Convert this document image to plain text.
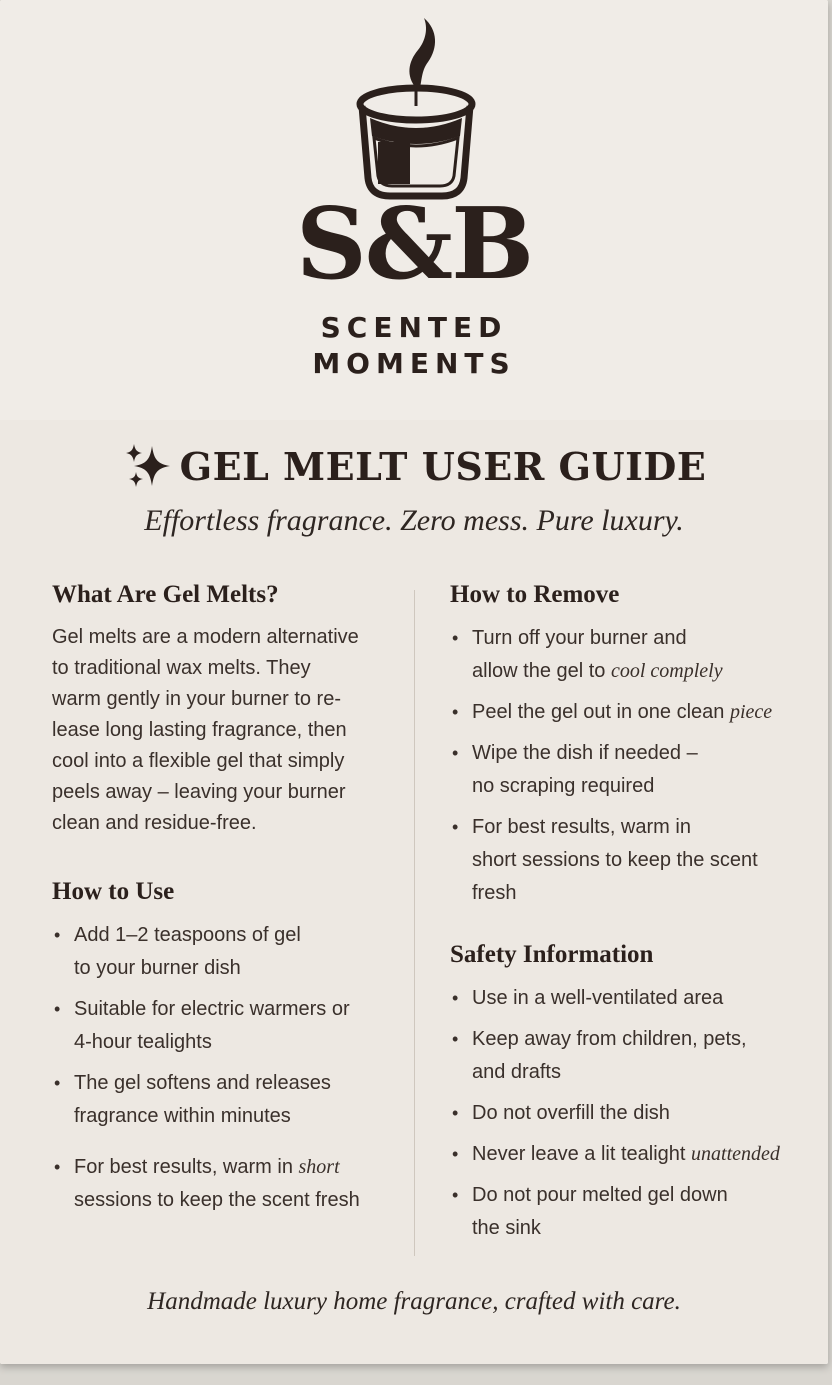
S&B
SCENTED
MOMENTS
GEL MELT USER GUIDE
Effortless fragrance. Zero mess. Pure luxury.
What Are Gel Melts?

Gel melts are a modern alternative
to traditional wax melts. They
warm gently in your burner to re-
lease long lasting fragrance, then
cool into a flexible gel that simply
peels away – leaving your burner
clean and residue-free.

How to Use
• Add 1–2 teaspoons of gel
to your burner dish
• Suitable for electric warmers or
4-hour tealights
• The gel softens and releases
fragrance within minutes
• For best results, warm in short
sessions to keep the scent fresh
How to Remove
• Turn off your burner and
allow the gel to cool complely
• Peel the gel out in one clean piece
• Wipe the dish if needed –
no scraping required
• For best results, warm in
short sessions to keep the scent
fresh
Safety Information
• Use in a well-ventilated area
• Keep away from children, pets,
and drafts
• Do not overfill the dish
• Never leave a lit tealight unattended
• Do not pour melted gel down
the sink
Handmade luxury home fragrance, crafted with care.
